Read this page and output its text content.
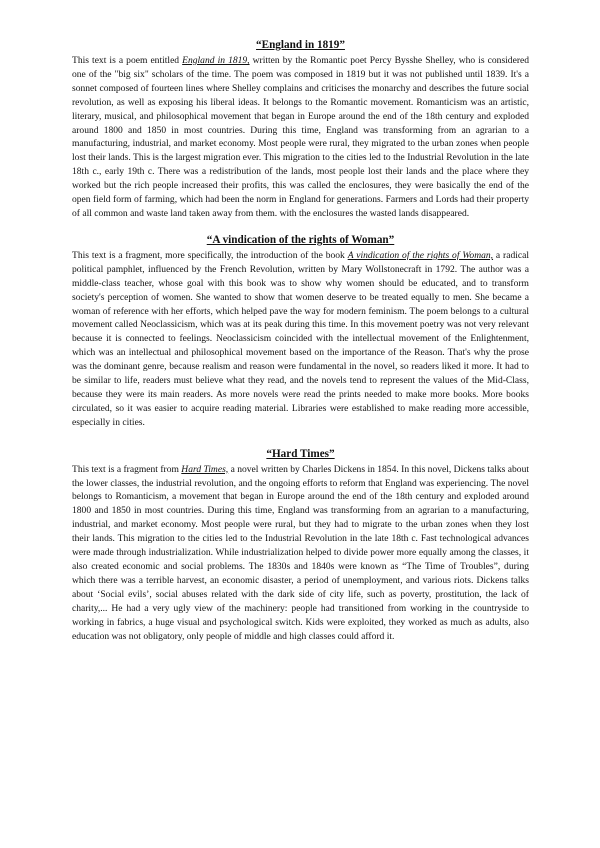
“England in 1819”

This text is a poem entitled England in 1819, written by the Romantic poet Percy Bysshe Shelley, who is considered one of the "big six" scholars of the time. The poem was composed in 1819 but it was not published until 1839. It's a sonnet composed of fourteen lines where Shelley complains and criticises the monarchy and describes the future social revolution, as well as exposing his liberal ideas. It belongs to the Romantic movement. Romanticism was an artistic, literary, musical, and philosophical movement that began in Europe around the end of the 18th century and exploded around 1800 and 1850 in most countries. During this time, England was transforming from an agrarian to a manufacturing, industrial, and market economy. Most people were rural, they migrated to the urban zones when people lost their lands. This is the largest migration ever. This migration to the cities led to the Industrial Revolution in the late 18th c., early 19th c. There was a redistribution of the lands, most people lost their lands and the place where they worked but the rich people increased their profits, this was called the enclosures, they were basically the end of the open field form of farming, which had been the norm in England for generations. Farmers and Lords had their property of all common and waste land taken away from them. with the enclosures the wasted lands disappeared.

“A vindication of the rights of Woman”

This text is a fragment, more specifically, the introduction of the book A vindication of the rights of Woman, a radical political pamphlet, influenced by the French Revolution, written by Mary Wollstonecraft in 1792. The author was a middle-class teacher, whose goal with this book was to show why women should be educated, and to transform society's perception of women. She wanted to show that women deserve to be treated equally to men. She became a woman of reference with her efforts, which helped pave the way for modern feminism. The poem belongs to a cultural movement called Neoclassicism, which was at its peak during this time. In this movement poetry was not very relevant because it is connected to feelings. Neoclassicism coincided with the intellectual movement of the Enlightenment, which was an intellectual and philosophical movement based on the importance of the Reason. That's why the prose was the dominant genre, because realism and reason were fundamental in the novel, so readers liked it more. It had to be similar to life, readers must believe what they read, and the novels tend to represent the values of the Mid-Class, because they were its main readers. As more novels were read the prints needed to make more books. More books circulated, so it was easier to acquire reading material. Libraries were established to make reading more accessible, especially in cities.

“Hard Times”

This text is a fragment from Hard Times, a novel written by Charles Dickens in 1854. In this novel, Dickens talks about the lower classes, the industrial revolution, and the ongoing efforts to reform that England was experiencing. The novel belongs to Romanticism, a movement that began in Europe around the end of the 18th century and exploded around 1800 and 1850 in most countries. During this time, England was transforming from an agrarian to a manufacturing, industrial, and market economy. Most people were rural, but they had to migrate to the urban zones when they lost their lands. This migration to the cities led to the Industrial Revolution in the late 18th c. Fast technological advances were made through industrialization. While industrialization helped to divide power more equally among the classes, it also created economic and social problems. The 1830s and 1840s were known as “The Time of Troubles”, during which there was a terrible harvest, an economic disaster, a period of unemployment, and various riots. Dickens talks about ‘Social evils’, social abuses related with the dark side of city life, such as poverty, prostitution, the lack of charity,... He had a very ugly view of the machinery: people had transitioned from working in the countryside to working in fabrics, a huge visual and psychological switch. Kids were exploited, they worked as much as adults, also education was not obligatory, only people of middle and high classes could afford it.
